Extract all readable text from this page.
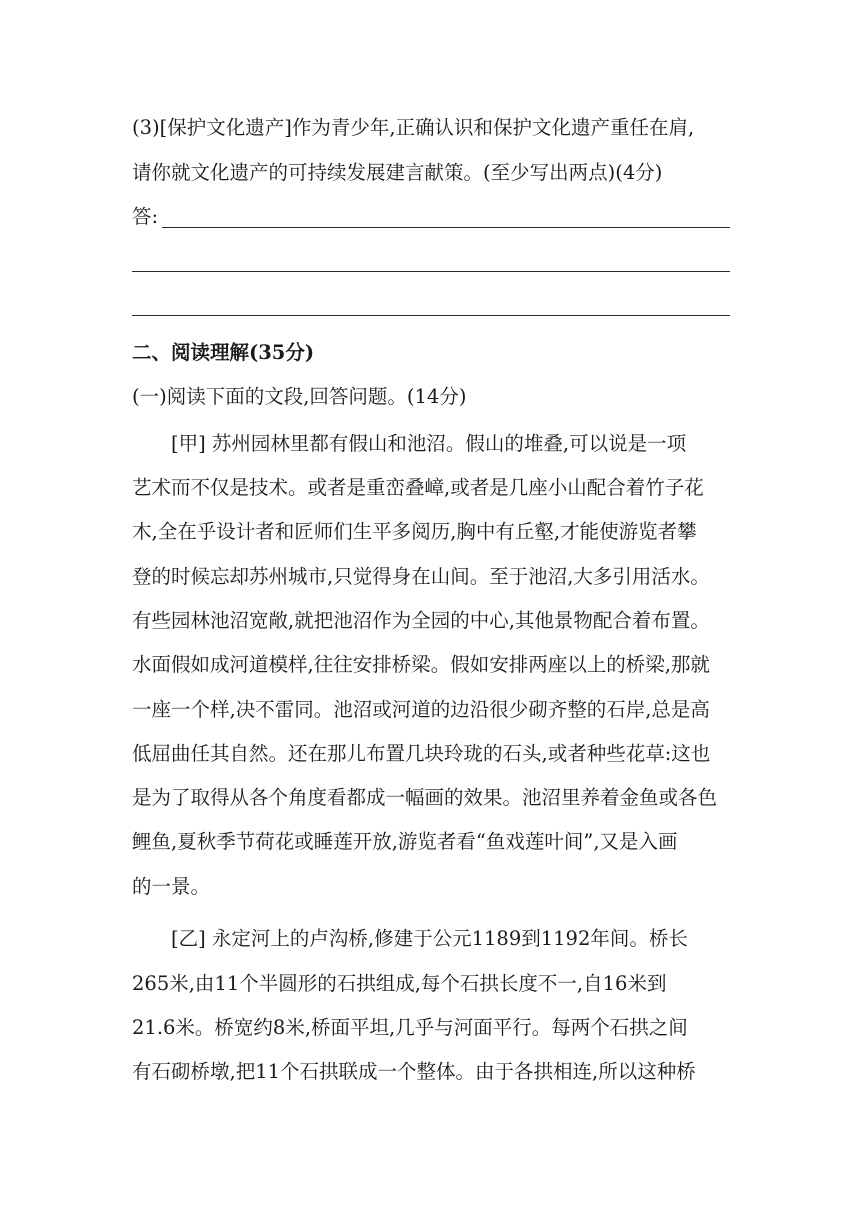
(3)[保护文化遗产]作为青少年,正确认识和保护文化遗产重任在肩,
请你就文化遗产的可持续发展建言献策。(至少写出两点)(4分)
答:
二、阅读理解(35分)
(一)阅读下面的文段,回答问题。(14分)
[甲] 苏州园林里都有假山和池沼。假山的堆叠,可以说是一项
艺术而不仅是技术。或者是重峦叠嶂,或者是几座小山配合着竹子花
木,全在乎设计者和匠师们生平多阅历,胸中有丘壑,才能使游览者攀
登的时候忘却苏州城市,只觉得身在山间。至于池沼,大多引用活水。
有些园林池沼宽敞,就把池沼作为全园的中心,其他景物配合着布置。
水面假如成河道模样,往往安排桥梁。假如安排两座以上的桥梁,那就
一座一个样,决不雷同。池沼或河道的边沿很少砌齐整的石岸,总是高
低屈曲任其自然。还在那儿布置几块玲珑的石头,或者种些花草:这也
是为了取得从各个角度看都成一幅画的效果。池沼里养着金鱼或各色
鲤鱼,夏秋季节荷花或睡莲开放,游览者看“鱼戏莲叶间”,又是入画
的一景。
[乙] 永定河上的卢沟桥,修建于公元1189到1192年间。桥长
265米,由11个半圆形的石拱组成,每个石拱长度不一,自16米到
21.6米。桥宽约8米,桥面平坦,几乎与河面平行。每两个石拱之间
有石砌桥墩,把11个石拱联成一个整体。由于各拱相连,所以这种桥
